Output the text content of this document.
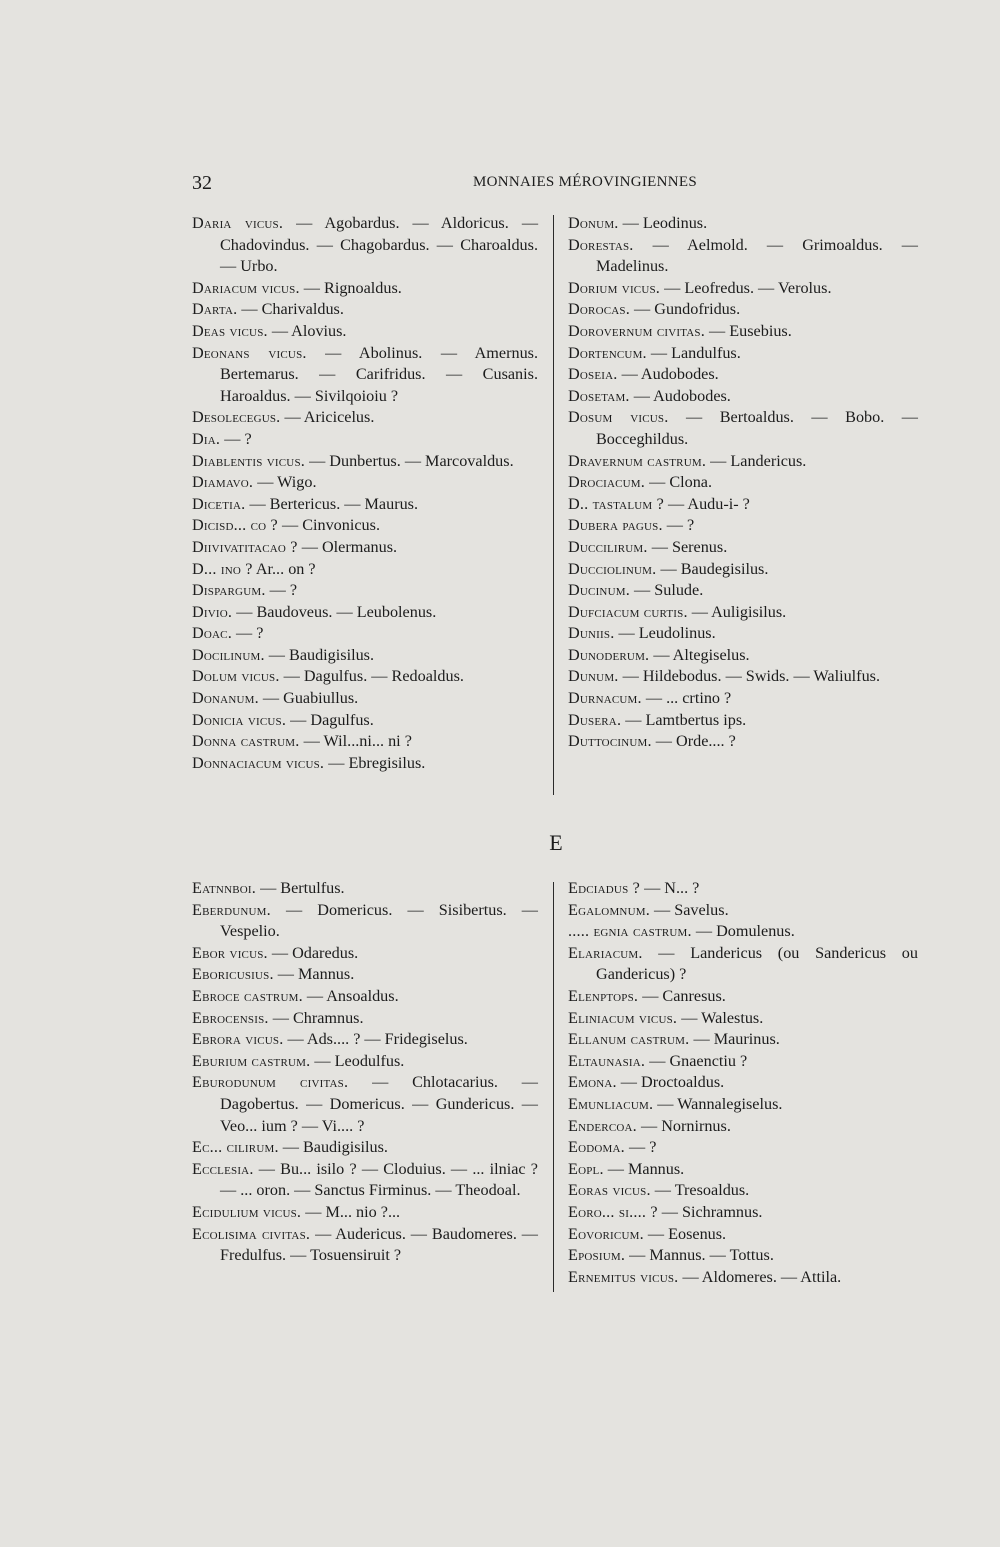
32	MONNAIES MÉROVINGIENNES

Daria vicus. — Agobardus. — Aldoricus. — Chadovindus. — Chagobardus. — Charoaldus. — Urbo.

Dariacum vicus. — Rignoaldus.

Darta. — Charivaldus.

Deas vicus. — Alovius.

Deonans vicus. — Abolinus. — Amernus. Bertemarus. — Carifridus. — Cusanis. Haroaldus. — Sivilqoioiu ?

Desolecegus. — Aricicelus.

Dia. — ?

Diablentis vicus. — Dunbertus. — Marcovaldus.

Diamavo. — Wigo.

Dicetia. — Bertericus. — Maurus.

Dicisd... co ? — Cinvonicus.

Diivivatitacao ? — Olermanus.

D... ino ? Ar... on ?

Dispargum. — ?

Divio. — Baudoveus. — Leubolenus.

Doac. — ?

Docilinum. — Baudigisilus.

Dolum vicus. — Dagulfus. — Redoaldus.

Donanum. — Guabiullus.

Donicia vicus. — Dagulfus.

Donna castrum. — Wil...ni... ni ?

Donnaciacum vicus. — Ebregisilus.

Donum. — Leodinus.

Dorestas. — Aelmold. — Grimoaldus. — Madelinus.

Dorium vicus. — Leofredus. — Verolus.

Dorocas. — Gundofridus.

Dorovernum civitas. — Eusebius.

Dortencum. — Landulfus.

Doseia. — Audobodes.

Dosetam. — Audobodes.

Dosum vicus. — Bertoaldus. — Bobo. — Bocceghildus.

Dravernum castrum. — Landericus.

Drociacum. — Clona.

D.. tastalum ? — Audu-i- ?

Dubera pagus. — ?

Duccilirum. — Serenus.

Ducciolinum. — Baudegisilus.

Ducinum. — Sulude.

Dufciacum curtis. — Auligisilus.

Duniis. — Leudolinus.

Dunoderum. — Altegiselus.

Dunum. — Hildebodus. — Swids. — Waliulfus.

Durnacum. — ... crtino ?

Dusera. — Lamtbertus ips.

Duttocinum. — Orde.... ?

E

Eatnnboi. — Bertulfus.

Eberdunum. — Domericus. — Sisibertus. — Vespelio.

Ebor vicus. — Odaredus.

Eboricusius. — Mannus.

Ebroce castrum. — Ansoaldus.

Ebrocensis. — Chramnus.

Ebrora vicus. — Ads.... ? — Fridegiselus.

Eburium castrum. — Leodulfus.

Eburodunum civitas. — Chlotacarius. — Dagobertus. — Domericus. — Gundericus. — Veo... ium ? — Vi.... ?

Ec... cilirum. — Baudigisilus.

Ecclesia. — Bu... isilo ? — Cloduius. — ... ilniac ? — ... oron. — Sanctus Firminus. — Theodoal.

Ecidulium vicus. — M... nio ?...

Ecolisima civitas. — Audericus. — Baudomeres. — Fredulfus. — Tosuensiruit ?

Edciadus ? — N... ?

Egalomnum. — Savelus.

..... egnia castrum. — Domulenus.

Elariacum. — Landericus (ou Sandericus ou Gandericus) ?

Elenptops. — Canresus.

Eliniacum vicus. — Walestus.

Ellanum castrum. — Maurinus.

Eltaunasia. — Gnaenctiu ?

Emona. — Droctoaldus.

Emunliacum. — Wannalegiselus.

Endercoa. — Nornirnus.

Eodoma. — ?

Eopl. — Mannus.

Eoras vicus. — Tresoaldus.

Eoro... si.... ? — Sichramnus.

Eovoricum. — Eosenus.

Eposium. — Mannus. — Tottus.

Ernemitus vicus. — Aldomeres. — Attila.
